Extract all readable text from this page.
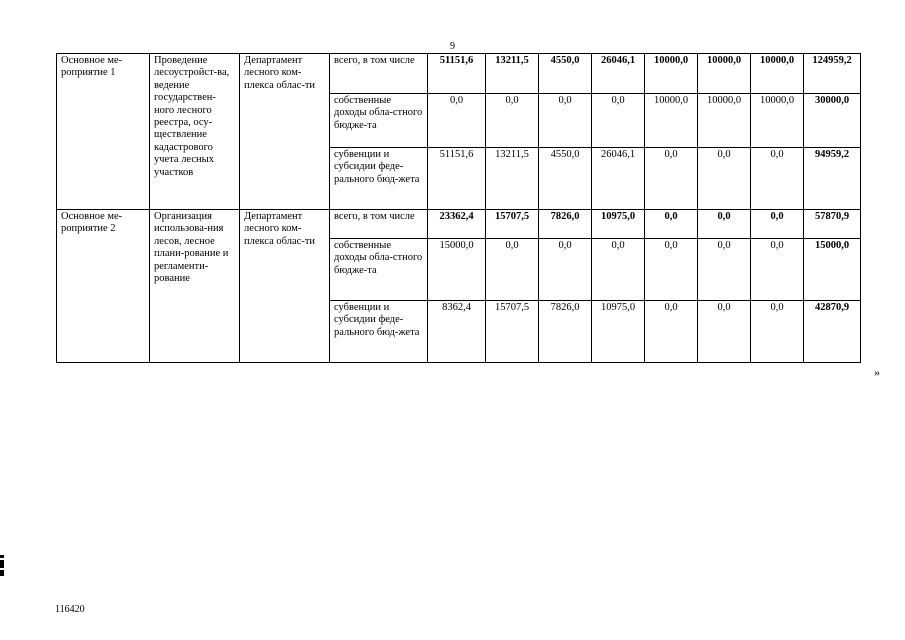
9
Основное ме-роприятие 1	Проведение лесоустройст-ва, ведение государствен-ного лесного реестра, осу-ществление кадастрового учета лесных участков	Департамент лесного ком-плекса облас-ти	всего, в том числе	51151,6	13211,5	4550,0	26046,1	10000,0	10000,0	10000,0	124959,2
			собственные доходы обла-стного бюдже-та	0,0	0,0	0,0	0,0	10000,0	10000,0	10000,0	30000,0
			субвенции и субсидии феде-рального бюд-жета	51151,6	13211,5	4550,0	26046,1	0,0	0,0	0,0	94959,2
Основное ме-роприятие 2	Организация использова-ния лесов, лесное плани-рование и регламенти-рование	Департамент лесного ком-плекса облас-ти	всего, в том числе	23362,4	15707,5	7826,0	10975,0	0,0	0,0	0,0	57870,9
			собственные доходы обла-стного бюдже-та	15000,0	0,0	0,0	0,0	0,0	0,0	0,0	15000,0
			субвенции и субсидии феде-рального бюд-жета	8362,4	15707,5	7826,0	10975,0	0,0	0,0	0,0	42870,9
»
116420
